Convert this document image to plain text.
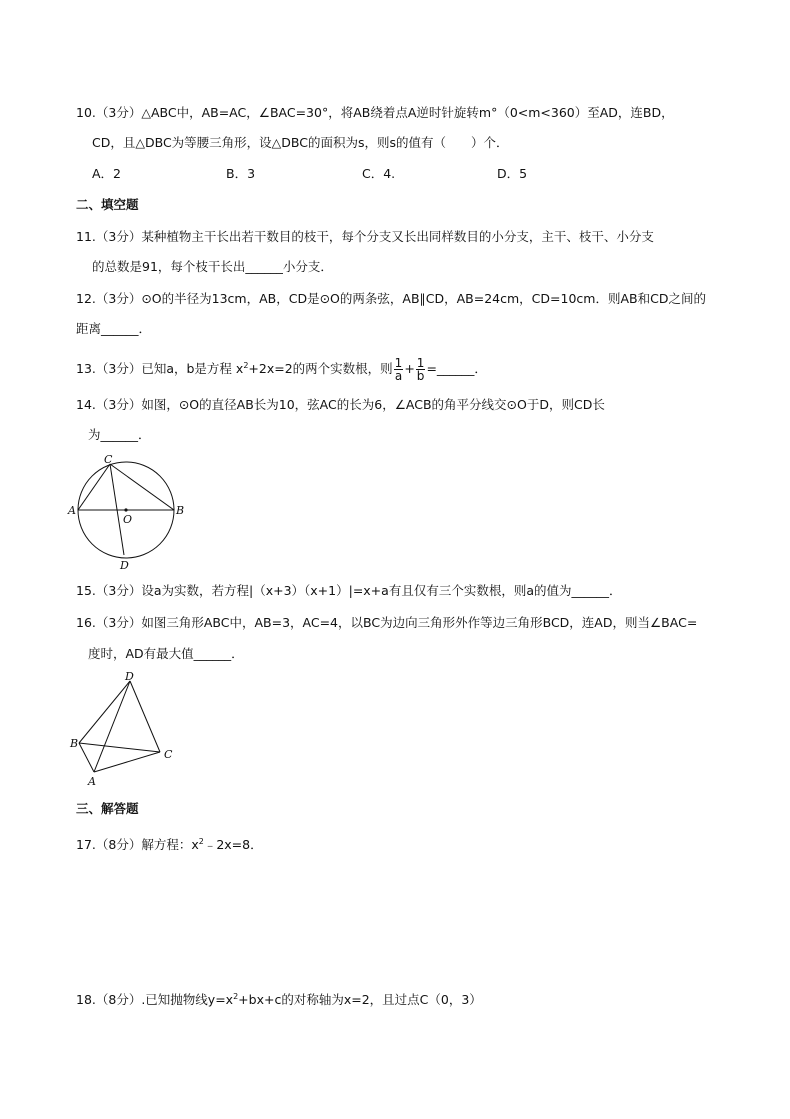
10.（3分）△ABC中，AB=AC，∠BAC=30°，将AB绕着点A逆时针旋转m°（0<m<360）至AD，连BD，
CD，且△DBC为等腰三角形，设△DBC的面积为s，则s的值有（　　）个．
A．2	B．3	C．4.	D．5
二、填空题
11.（3分）某种植物主干长出若干数目的枝干，每个分支又长出同样数目的小分支，主干、枝干、小分支
的总数是91，每个枝干长出______小分支．
12.（3分）⊙O的半径为13cm，AB，CD是⊙O的两条弦，AB∥CD，AB=24cm，CD=10cm．则AB和CD之间的
距离______．
13.（3分）已知a，b是方程 $x^2+2x=2$的两个实数根，则 $\frac{1}{a} + \frac{1}{b}$ =______．
14.（3分）如图，⊙O的直径AB长为10，弦AC的长为6，∠ACB的角平分线交⊙O于D，则CD长
为______．
C
A	B
O
D
15.（3分）设a为实数，若方程|（x+3）（x+1）|=x+a有且仅有三个实数根，则a的值为______．
16.（3分）如图三角形ABC中，AB=3，AC=4，以BC为边向三角形外作等边三角形BCD，连AD，则当∠BAC=
度时，AD有最大值______．
D
B
C
A
三、解答题
17.（8分）解方程：$x^2﹣2x=8$．
18.（8分）.已知抛物线$y=x^2+bx+c$的对称轴为x=2，且过点C（0，3）
